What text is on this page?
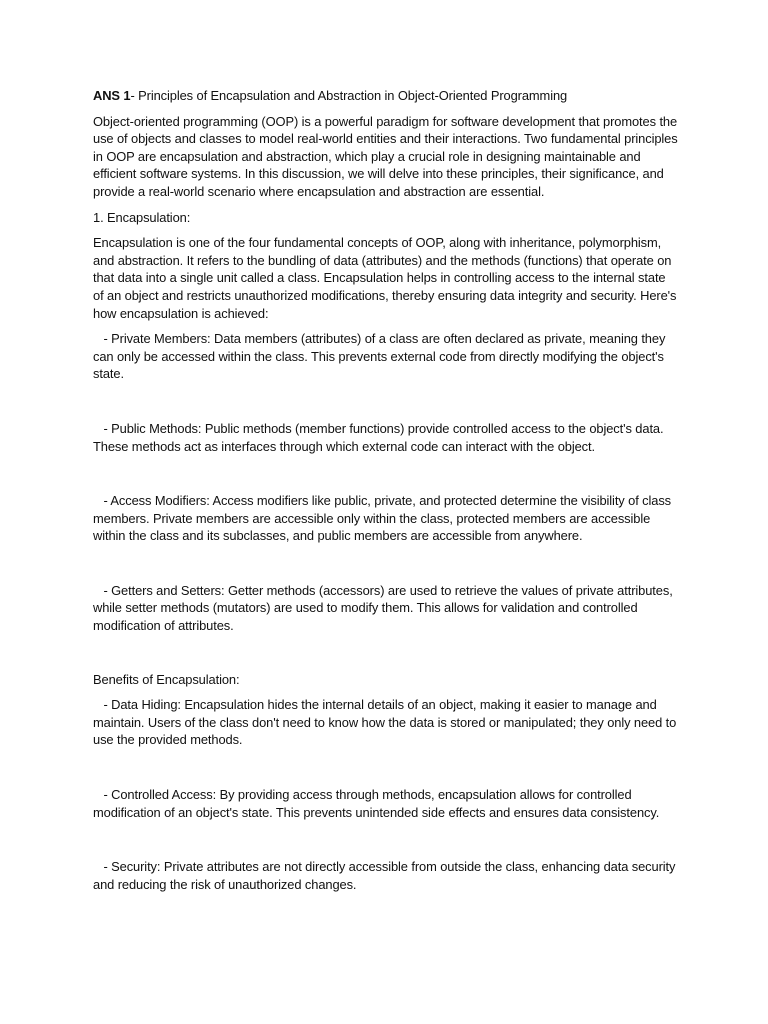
ANS 1- Principles of Encapsulation and Abstraction in Object-Oriented Programming

Object-oriented programming (OOP) is a powerful paradigm for software development that promotes the use of objects and classes to model real-world entities and their interactions. Two fundamental principles in OOP are encapsulation and abstraction, which play a crucial role in designing maintainable and efficient software systems. In this discussion, we will delve into these principles, their significance, and provide a real-world scenario where encapsulation and abstraction are essential.

1. Encapsulation:

Encapsulation is one of the four fundamental concepts of OOP, along with inheritance, polymorphism, and abstraction. It refers to the bundling of data (attributes) and the methods (functions) that operate on that data into a single unit called a class. Encapsulation helps in controlling access to the internal state of an object and restricts unauthorized modifications, thereby ensuring data integrity and security. Here's how encapsulation is achieved:

- Private Members: Data members (attributes) of a class are often declared as private, meaning they can only be accessed within the class. This prevents external code from directly modifying the object's state.

- Public Methods: Public methods (member functions) provide controlled access to the object's data. These methods act as interfaces through which external code can interact with the object.

- Access Modifiers: Access modifiers like public, private, and protected determine the visibility of class members. Private members are accessible only within the class, protected members are accessible within the class and its subclasses, and public members are accessible from anywhere.

- Getters and Setters: Getter methods (accessors) are used to retrieve the values of private attributes, while setter methods (mutators) are used to modify them. This allows for validation and controlled modification of attributes.

Benefits of Encapsulation:

- Data Hiding: Encapsulation hides the internal details of an object, making it easier to manage and maintain. Users of the class don't need to know how the data is stored or manipulated; they only need to use the provided methods.

- Controlled Access: By providing access through methods, encapsulation allows for controlled modification of an object's state. This prevents unintended side effects and ensures data consistency.

- Security: Private attributes are not directly accessible from outside the class, enhancing data security and reducing the risk of unauthorized changes.
